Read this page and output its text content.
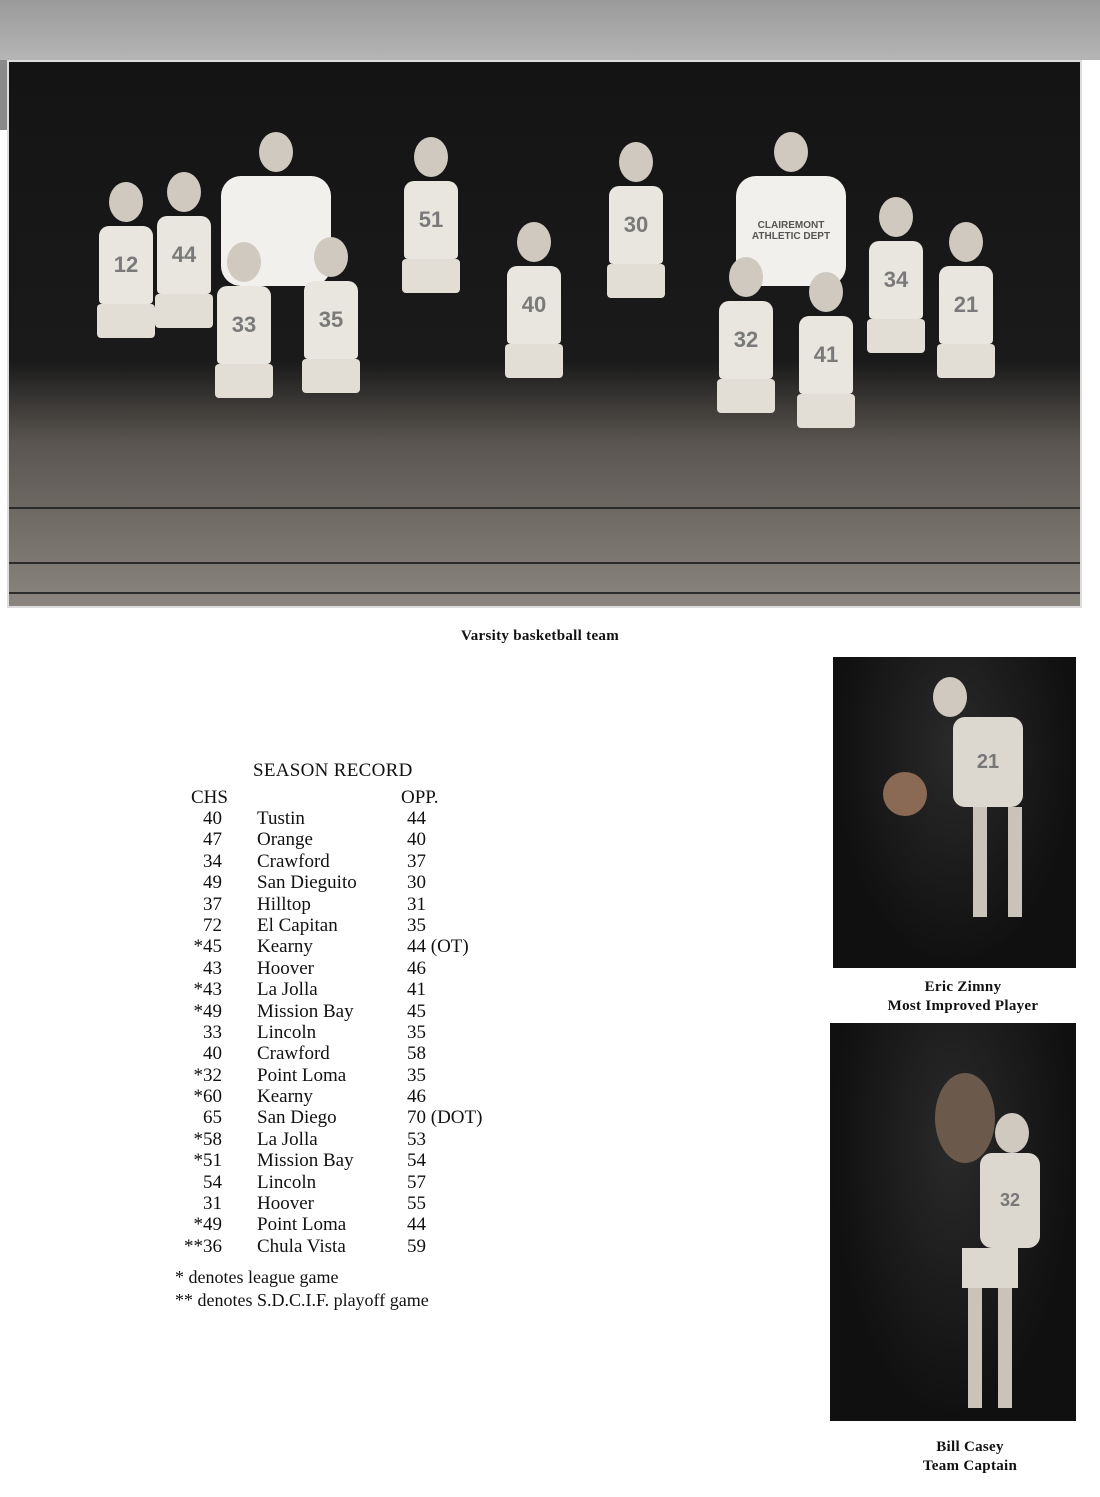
CLAIREMONT ATHLETIC DEPT
12	44
33	35
51
40
30
32
41
34
21
Varsity basketball team
SEASON RECORD
CHS	OPP.
40 Tustin	44
47 Orange	40
34 Crawford	37
49 San Dieguito	30
37 Hilltop	31
72 El Capitan	35
*45 Kearny	44 (OT)
43 Hoover	46
*43 La Jolla	41
*49 Mission Bay	45
33 Lincoln	35
40 Crawford	58
*32 Point Loma	35
*60 Kearny	46
65 San Diego	70 (DOT)
*58 La Jolla	53
*51 Mission Bay	54
54 Lincoln	57
31 Hoover	55
*49 Point Loma	44
**36 Chula Vista	59
* denotes league game
** denotes S.D.C.I.F. playoff game
21
Eric Zimny
Most Improved Player
32
Bill Casey
Team Captain
